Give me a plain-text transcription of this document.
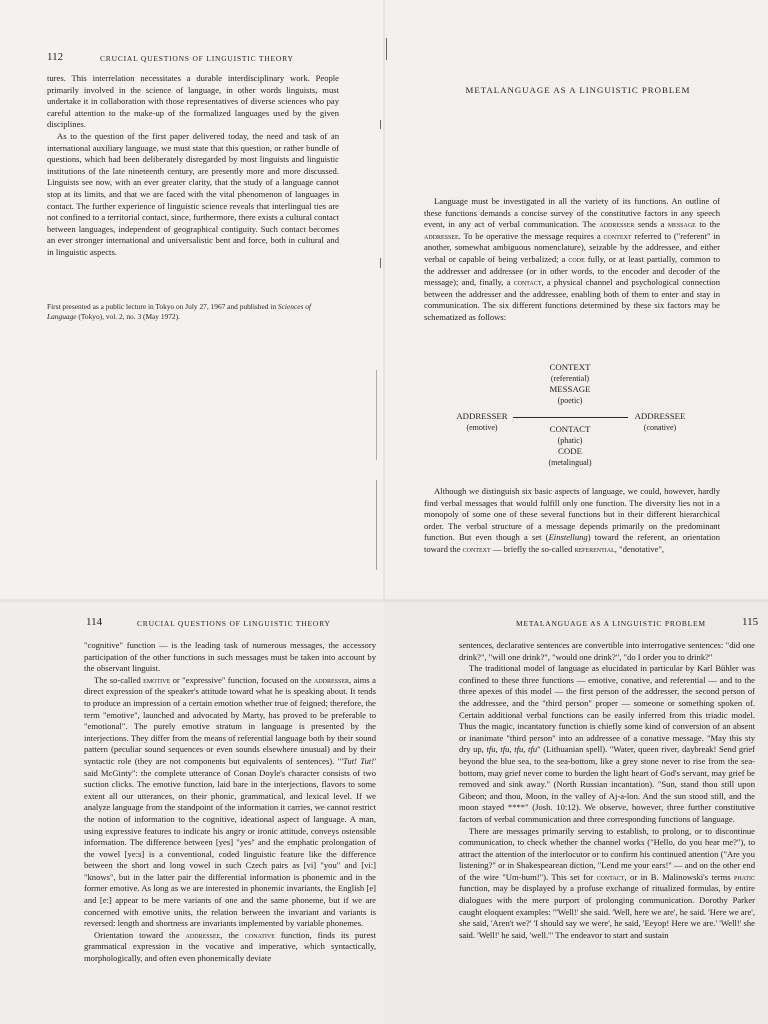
112	CRUCIAL QUESTIONS OF LINGUISTIC THEORY

tures. This interrelation necessitates a durable interdisciplinary work. People primarily involved in the science of language, in other words linguists, must undertake it in collaboration with those representatives of diverse sciences who pay careful attention to the make-up of the formalized languages used by the given disciplines.

As to the question of the first paper delivered today, the need and task of an international auxiliary language, we must state that this question, or rather bundle of questions, which had been deliberately disregarded by most linguists and linguistic institutions of the late nineteenth century, are presently more and more discussed. Linguists see now, with an ever greater clarity, that the study of a language cannot stop at its limits, and that we are faced with the vital phenomenon of languages in contact. The further experience of linguistic science reveals that interlingual ties are not confined to a territorial contact, since, furthermore, there exists a cultural contact between languages, independent of geographical contiguity. Such contact becomes an ever stronger international and universalistic bent and force, both in cultural and in linguistic aspects.

First presented as a public lecture in Tokyo on July 27, 1967 and published in Sciences of Language (Tokyo), vol. 2, no. 3 (May 1972).
METALANGUAGE AS A LINGUISTIC PROBLEM

Language must be investigated in all the variety of its functions. An outline of these functions demands a concise survey of the constitutive factors in any speech event, in any act of verbal communication. The addresser sends a message to the addressee. To be operative the message requires a context referred to ("referent" in another, somewhat ambiguous nomenclature), seizable by the addressee, and either verbal or capable of being verbalized; a code fully, or at least partially, common to the addresser and addressee (or in other words, to the encoder and decoder of the message); and, finally, a contact, a physical channel and psychological connection between the addresser and the addressee, enabling both of them to enter and stay in communication. The six different functions determined by these six factors may be schematized as follows:

CONTEXT
(referential)
MESSAGE
(poetic)
ADDRESSER
(emotive)
ADDRESSEE
(conative)
CONTACT
(phatic)
CODE
(metalingual)

Although we distinguish six basic aspects of language, we could, however, hardly find verbal messages that would fulfill only one function. The diversity lies not in a monopoly of some one of these several functions but in their different hierarchical order. The verbal structure of a message depends primarily on the predominant function. But even though a set (Einstellung) toward the referent, an orientation toward the context — briefly the so-called referential, "denotative",

114	CRUCIAL QUESTIONS OF LINGUISTIC THEORY

"cognitive" function — is the leading task of numerous messages, the accessory participation of the other functions in such messages must be taken into account by the observant linguist.

The so-called emotive or "expressive" function, focused on the addresser, aims a direct expression of the speaker's attitude toward what he is speaking about. It tends to produce an impression of a certain emotion whether true of feigned; therefore, the term "emotive", launched and advocated by Marty, has proved to be preferable to "emotional". The purely emotive stratum in language is presented by the interjections. They differ from the means of referential language both by their sound pattern (peculiar sound sequences or even sounds elsewhere unusual) and by their syntactic role (they are not components but equivalents of sentences). "'Tut! Tut!' said McGinty": the complete utterance of Conan Doyle's character consists of two suction clicks. The emotive function, laid bare in the interjections, flavors to some extent all our utterances, on their phonic, grammatical, and lexical level. If we analyze language from the standpoint of the information it carries, we cannot restrict the notion of information to the cognitive, ideational aspect of language. A man, using expressive features to indicate his angry or ironic attitude, conveys ostensible information. The difference between [yes] "yes" and the emphatic prolongation of the vowel [ye:s] is a conventional, coded linguistic feature like the difference between the short and long vowel in such Czech pairs as [vi] "you" and [vi:] "knows", but in the latter pair the differential information is phonemic and in the former emotive. As long as we are interested in phonemic invariants, the English [e] and [e:] appear to be mere variants of one and the same phoneme, but if we are concerned with emotive units, the relation between the invariant and variants is reversed: length and shortness are invariants implemented by variable phonemes.

Orientation toward the addressee, the conative function, finds its purest grammatical expression in the vocative and imperative, which syntactically, morphologically, and often even phonemically deviate

METALANGUAGE AS A LINGUISTIC PROBLEM	115

sentences, declarative sentences are convertible into interrogative sentences: "did one drink?", "will one drink?", "would one drink?", "do I order you to drink?"

The traditional model of language as elucidated in particular by Karl Bühler was confined to these three functions — emotive, conative, and referential — and to the three apexes of this model — the first person of the addresser, the second person of the addressee, and the "third person" proper — someone or something spoken of. Certain additional verbal functions can be easily inferred from this triadic model. Thus the magic, incantatory function is chiefly some kind of conversion of an absent or inanimate "third person" into an addressee of a conative message. "May this sty dry up, tfu, tfu, tfu, tfu" (Lithuanian spell). "Water, queen river, daybreak! Send grief beyond the blue sea, to the sea-bottom, like a grey stone never to rise from the sea-bottom, may grief never come to burden the light heart of God's servant, may grief be removed and sink away." (North Russian incantation). "Sun, stand thou still upon Gibeon; and thou, Moon, in the valley of Aj-a-lon. And the sun stood still, and the moon stayed ****" (Josh. 10:12). We observe, however, three further constitutive factors of verbal communication and three corresponding functions of language.

There are messages primarily serving to establish, to prolong, or to discontinue communication, to check whether the channel works ("Hello, do you hear me?"), to attract the attention of the interlocutor or to confirm his continued attention ("Are you listening?" or in Shakespearean diction, "Lend me your ears!" — and on the other end of the wire "Um-hum!"). This set for contact, or in B. Malinowski's terms phatic function, may be displayed by a profuse exchange of ritualized formulas, by entire dialogues with the mere purport of prolonging communication. Dorothy Parker caught eloquent examples: "'Well!' she said. 'Well, here we are', he said. 'Here we are', she said, 'Aren't we?' 'I should say we were', he said, 'Eeyop! Here we are.' 'Well!' she said. 'Well!' he said, 'well.'" The endeavor to start and sustain
